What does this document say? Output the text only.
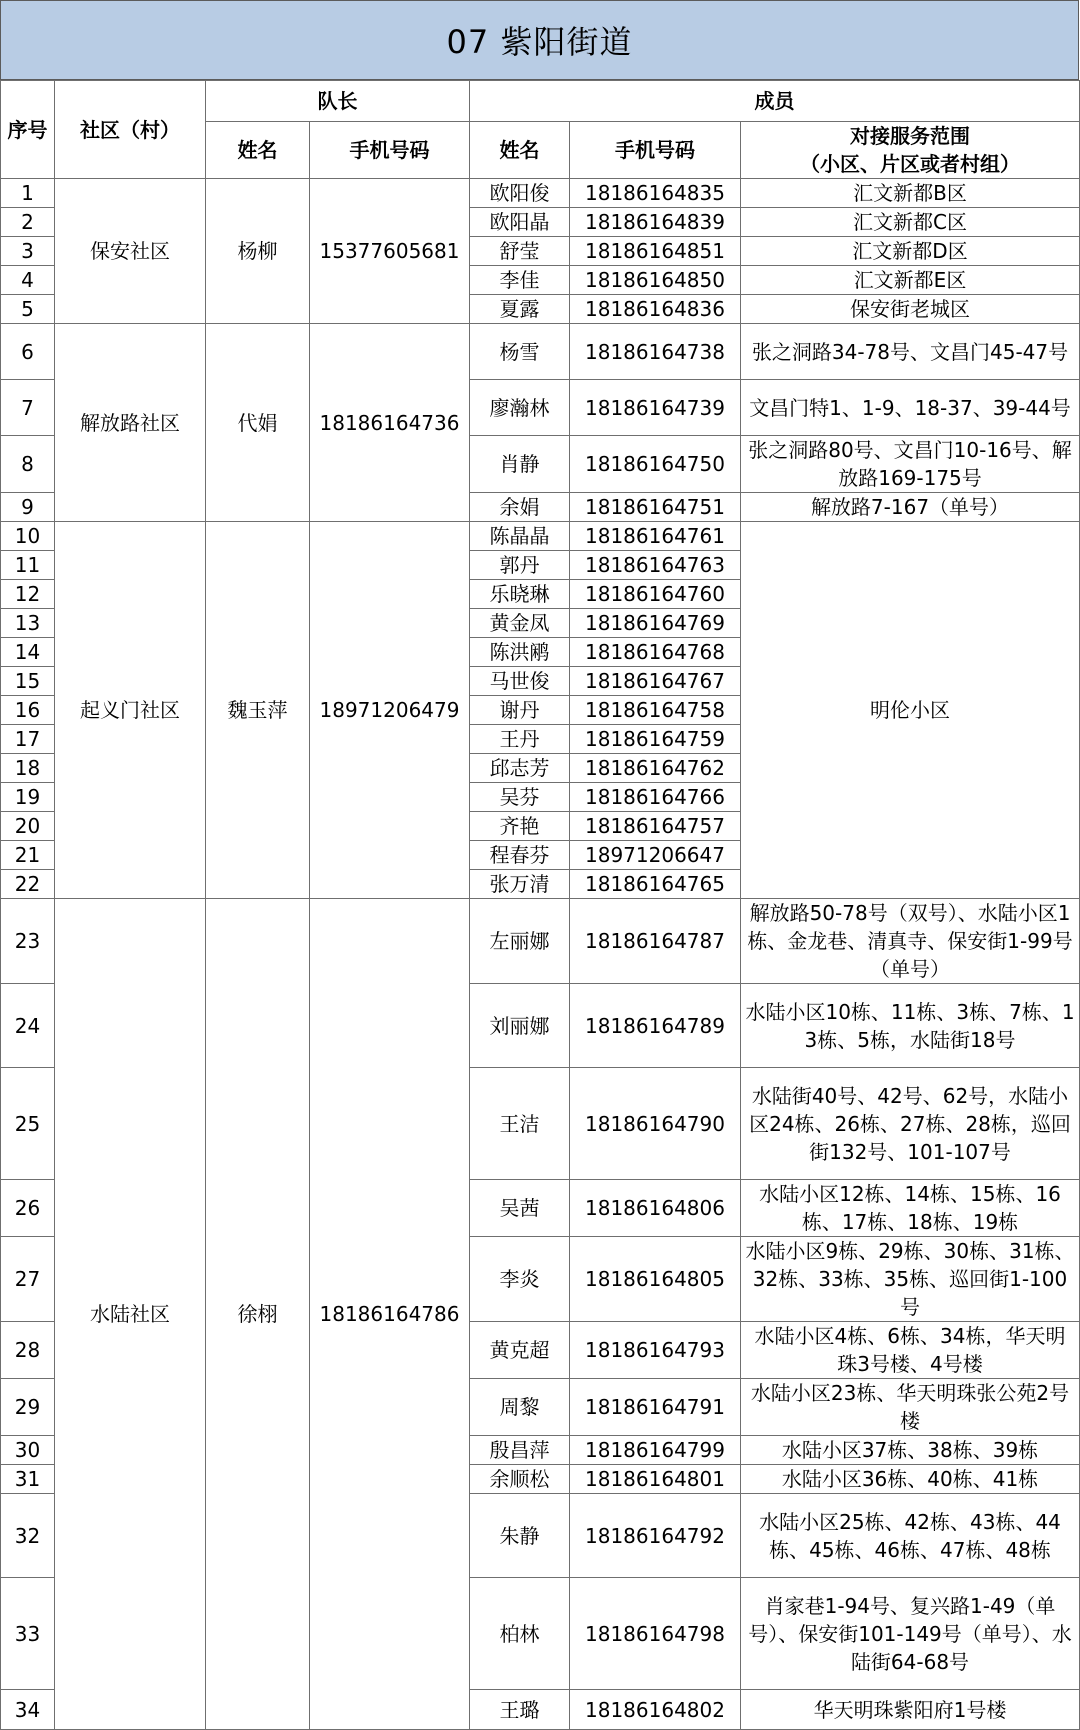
07 紫阳街道
序号	社区（村）	队长		成员		
		姓名	手机号码	姓名	手机号码	对接服务范围
（小区、片区或者村组）

1	保安社区	杨柳	15377605681	欧阳俊	18186164835	汇文新都B区
2				欧阳晶	18186164839	汇文新都C区
3				舒莹	18186164851	汇文新都D区
4				李佳	18186164850	汇文新都E区
5				夏露	18186164836	保安街老城区
6	解放路社区	代娟	18186164736	杨雪	18186164738	张之洞路34-78号、文昌门45-47号
7				廖瀚林	18186164739	文昌门特1、1-9、18-37、39-44号
8				肖静	18186164750	张之洞路80号、文昌门10-16号、解放路169-175号
9				余娟	18186164751	解放路7-167（单号）
10	起义门社区	魏玉萍	18971206479	陈晶晶	18186164761	明伦小区
11				郭丹	18186164763	
12				乐晓琳	18186164760	
13				黄金凤	18186164769	
14				陈洪鹇	18186164768	
15				马世俊	18186164767	
16				谢丹	18186164758	
17				王丹	18186164759	
18				邱志芳	18186164762	
19				吴芬	18186164766	
20				齐艳	18186164757	
21				程春芬	18971206647	
22				张万清	18186164765	
23	水陆社区	徐栩	18186164786	左丽娜	18186164787	解放路50-78号（双号）、水陆小区1栋、金龙巷、清真寺、保安街1-99号（单号）
24				刘丽娜	18186164789	水陆小区10栋、11栋、3栋、7栋、13栋、5栋，水陆街18号
25				王洁	18186164790	水陆街40号、42号、62号，水陆小区24栋、26栋、27栋、28栋，巡回街132号、101-107号
26				吴茜	18186164806	水陆小区12栋、14栋、15栋、16栋、17栋、18栋、19栋
27				李炎	18186164805	水陆小区9栋、29栋、30栋、31栋、32栋、33栋、35栋、巡回街1-100号
28				黄克超	18186164793	水陆小区4栋、6栋、34栋，华天明珠3号楼、4号楼
29				周黎	18186164791	水陆小区23栋、华天明珠张公苑2号楼
30				殷昌萍	18186164799	水陆小区37栋、38栋、39栋
31				余顺松	18186164801	水陆小区36栋、40栋、41栋
32				朱静	18186164792	水陆小区25栋、42栋、43栋、44栋、45栋、46栋、47栋、48栋
33				柏林	18186164798	肖家巷1-94号、复兴路1-49（单号）、保安街101-149号（单号）、水陆街64-68号
34				王璐	18186164802	华天明珠紫阳府1号楼
